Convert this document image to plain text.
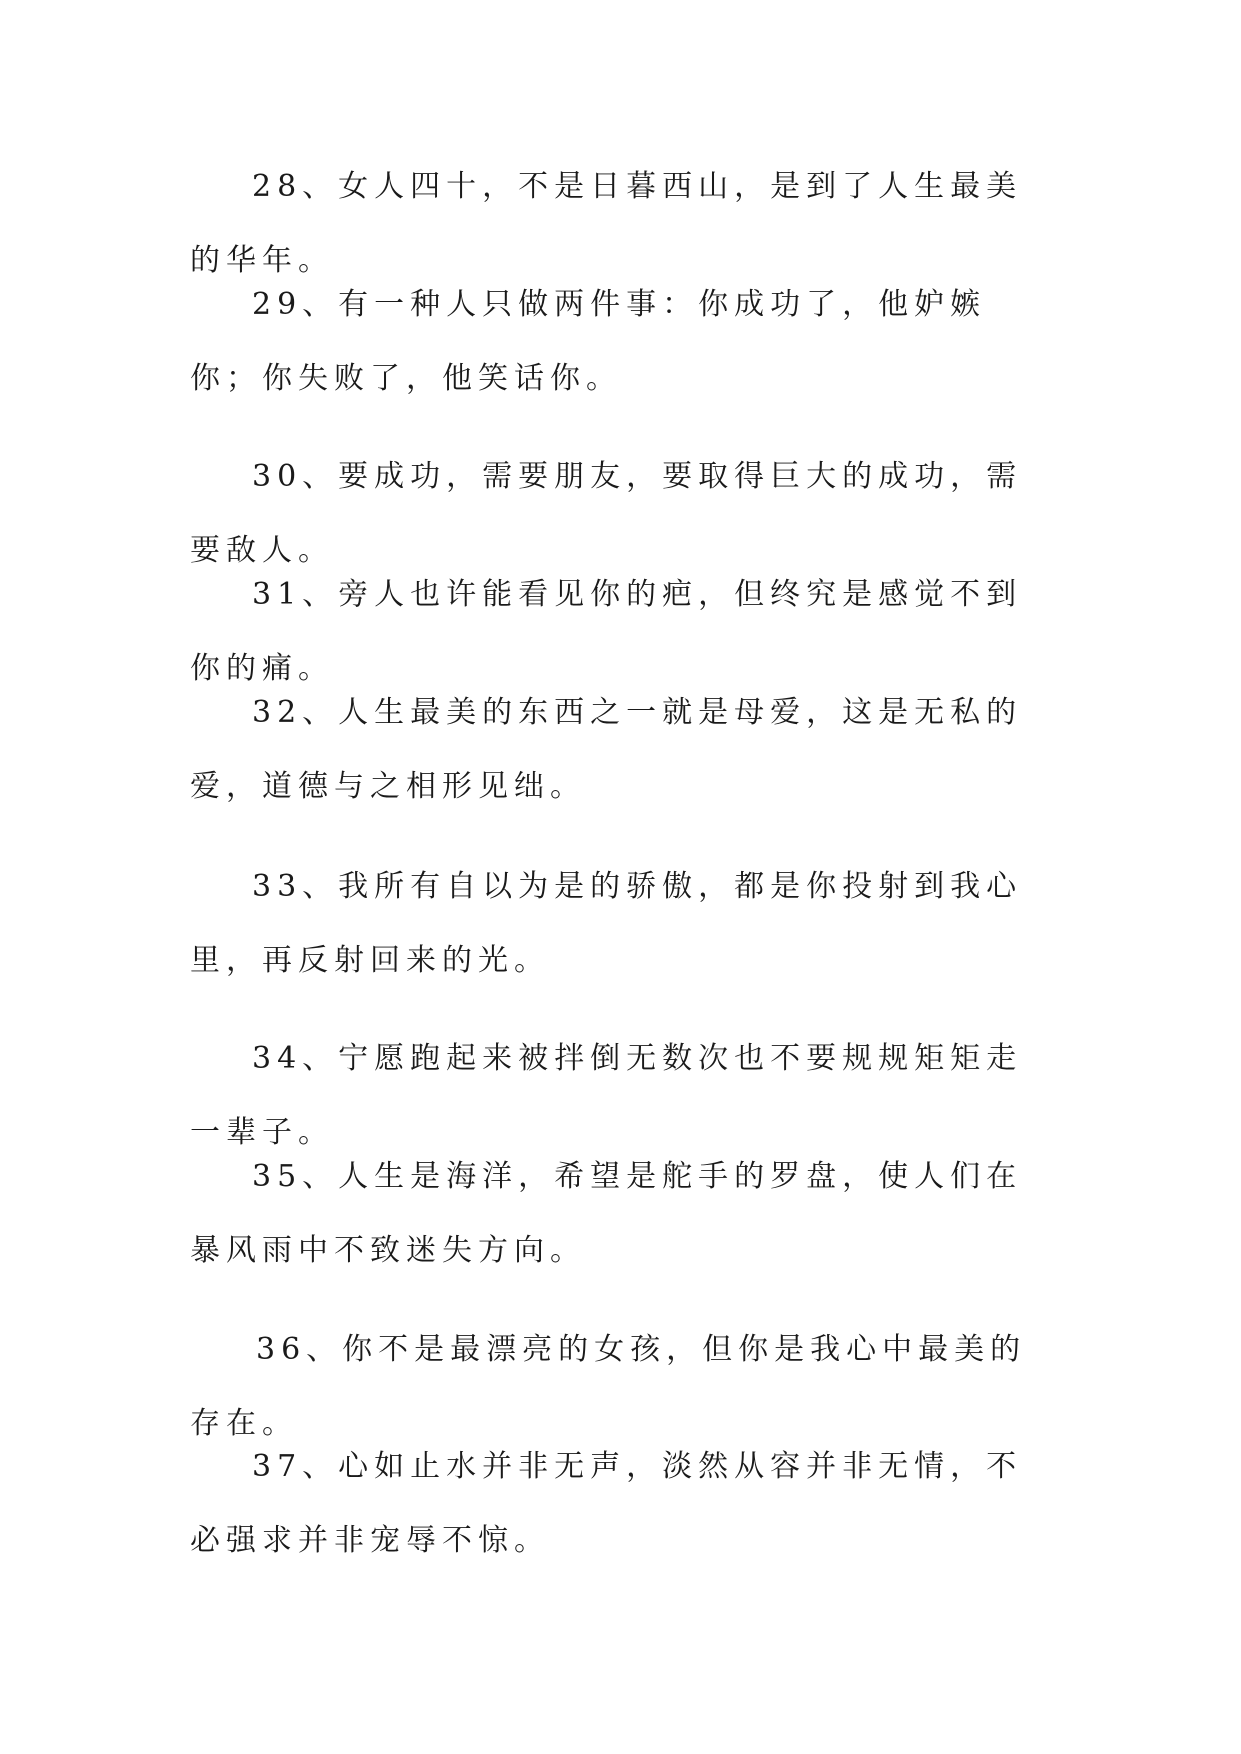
28、女人四十，不是日暮西山，是到了人生最美的华年。

29、有一种人只做两件事：你成功了，他妒嫉你；你失败了，他笑话你。

30、要成功，需要朋友，要取得巨大的成功，需要敌人。

31、旁人也许能看见你的疤，但终究是感觉不到你的痛。

32、人生最美的东西之一就是母爱，这是无私的爱，道德与之相形见绌。

33、我所有自以为是的骄傲，都是你投射到我心里，再反射回来的光。

34、宁愿跑起来被拌倒无数次也不要规规矩矩走一辈子。

35、人生是海洋，希望是舵手的罗盘，使人们在暴风雨中不致迷失方向。

36、你不是最漂亮的女孩，但你是我心中最美的存在。

37、心如止水并非无声，淡然从容并非无情，不必强求并非宠辱不惊。
